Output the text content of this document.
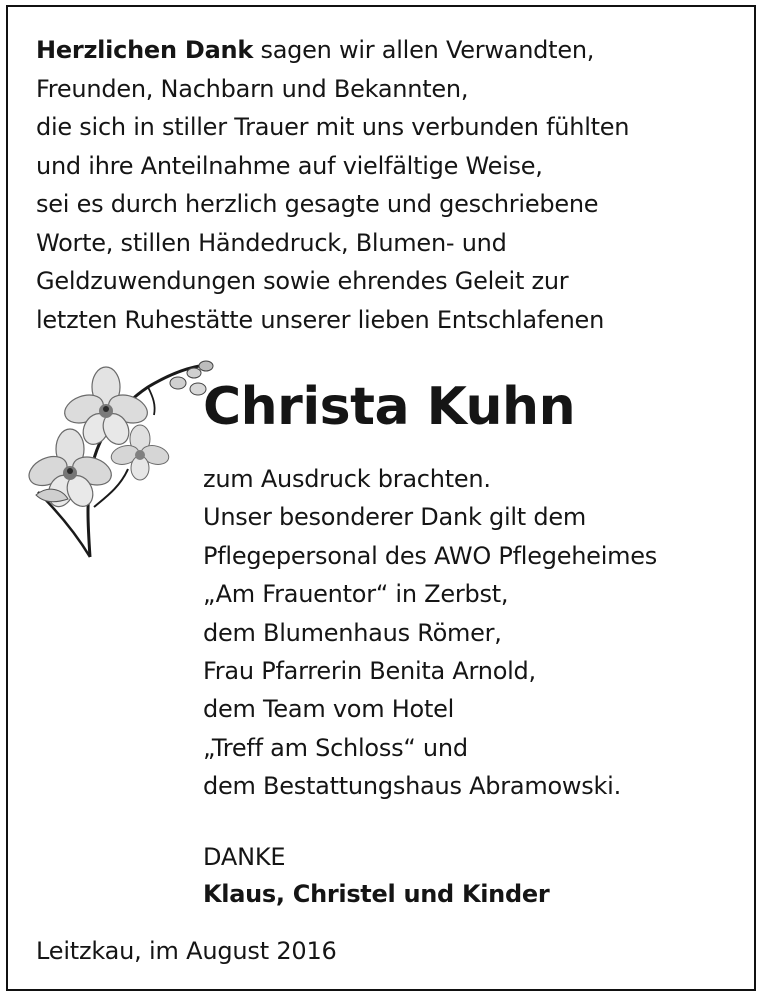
Herzlichen Dank sagen wir allen Verwandten,
Freunden, Nachbarn und Bekannten,
die sich in stiller Trauer mit uns verbunden fühlten
und ihre Anteilnahme auf vielfältige Weise,
sei es durch herzlich gesagte und geschriebene
Worte, stillen Händedruck, Blumen- und
Geldzuwendungen sowie ehrendes Geleit zur
letzten Ruhestätte unserer lieben Entschlafenen

Christa Kuhn

zum Ausdruck brachten.
Unser besonderer Dank gilt dem
Pflegepersonal des AWO Pflegeheimes
„Am Frauentor“ in Zerbst,
dem Blumenhaus Römer,
Frau Pfarrerin Benita Arnold,
dem Team vom Hotel
„Treff am Schloss“ und
dem Bestattungshaus Abramowski.

DANKE

Klaus, Christel und Kinder

Leitzkau, im August 2016
